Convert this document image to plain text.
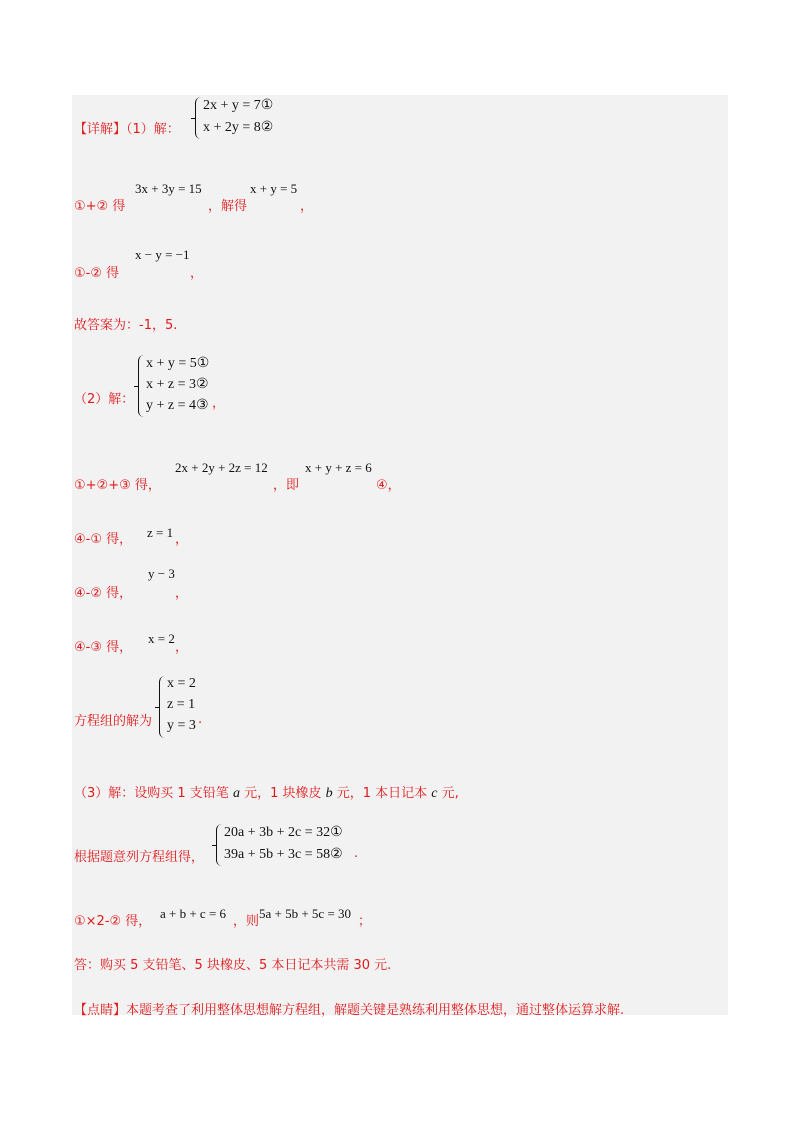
【详解】（1）解：
2x + y = 7①
x + 2y = 8②
①+② 得
3x + 3y = 15
，解得
x + y = 5
，
①-② 得
x − y = −1
，
故答案为：-1，5.
（2）解：
x + y = 5①
x + z = 3②
y + z = 4③ ，
①+②+③ 得，
2x + 2y + 2z = 12
，即
x + y + z = 6
④，
④-① 得， z = 1 ，
④-② 得，
y − 3
，
④-③ 得，
x = 2
，
方程组的解为
x = 2
z = 1
y = 3 .
（3）解：设购买 1 支铅笔 a 元，1 块橡皮 b 元，1 本日记本 c 元,
根据题意列方程组得，
20a + 3b + 2c = 32①
39a + 5b + 3c = 58② .
①×2-② 得，
a + b + c = 6
，则
5a + 5b + 5c = 30
；
答：购买 5 支铅笔、5 块橡皮、5 本日记本共需 30 元.
【点睛】本题考查了利用整体思想解方程组，解题关键是熟练利用整体思想，通过整体运算求解.
